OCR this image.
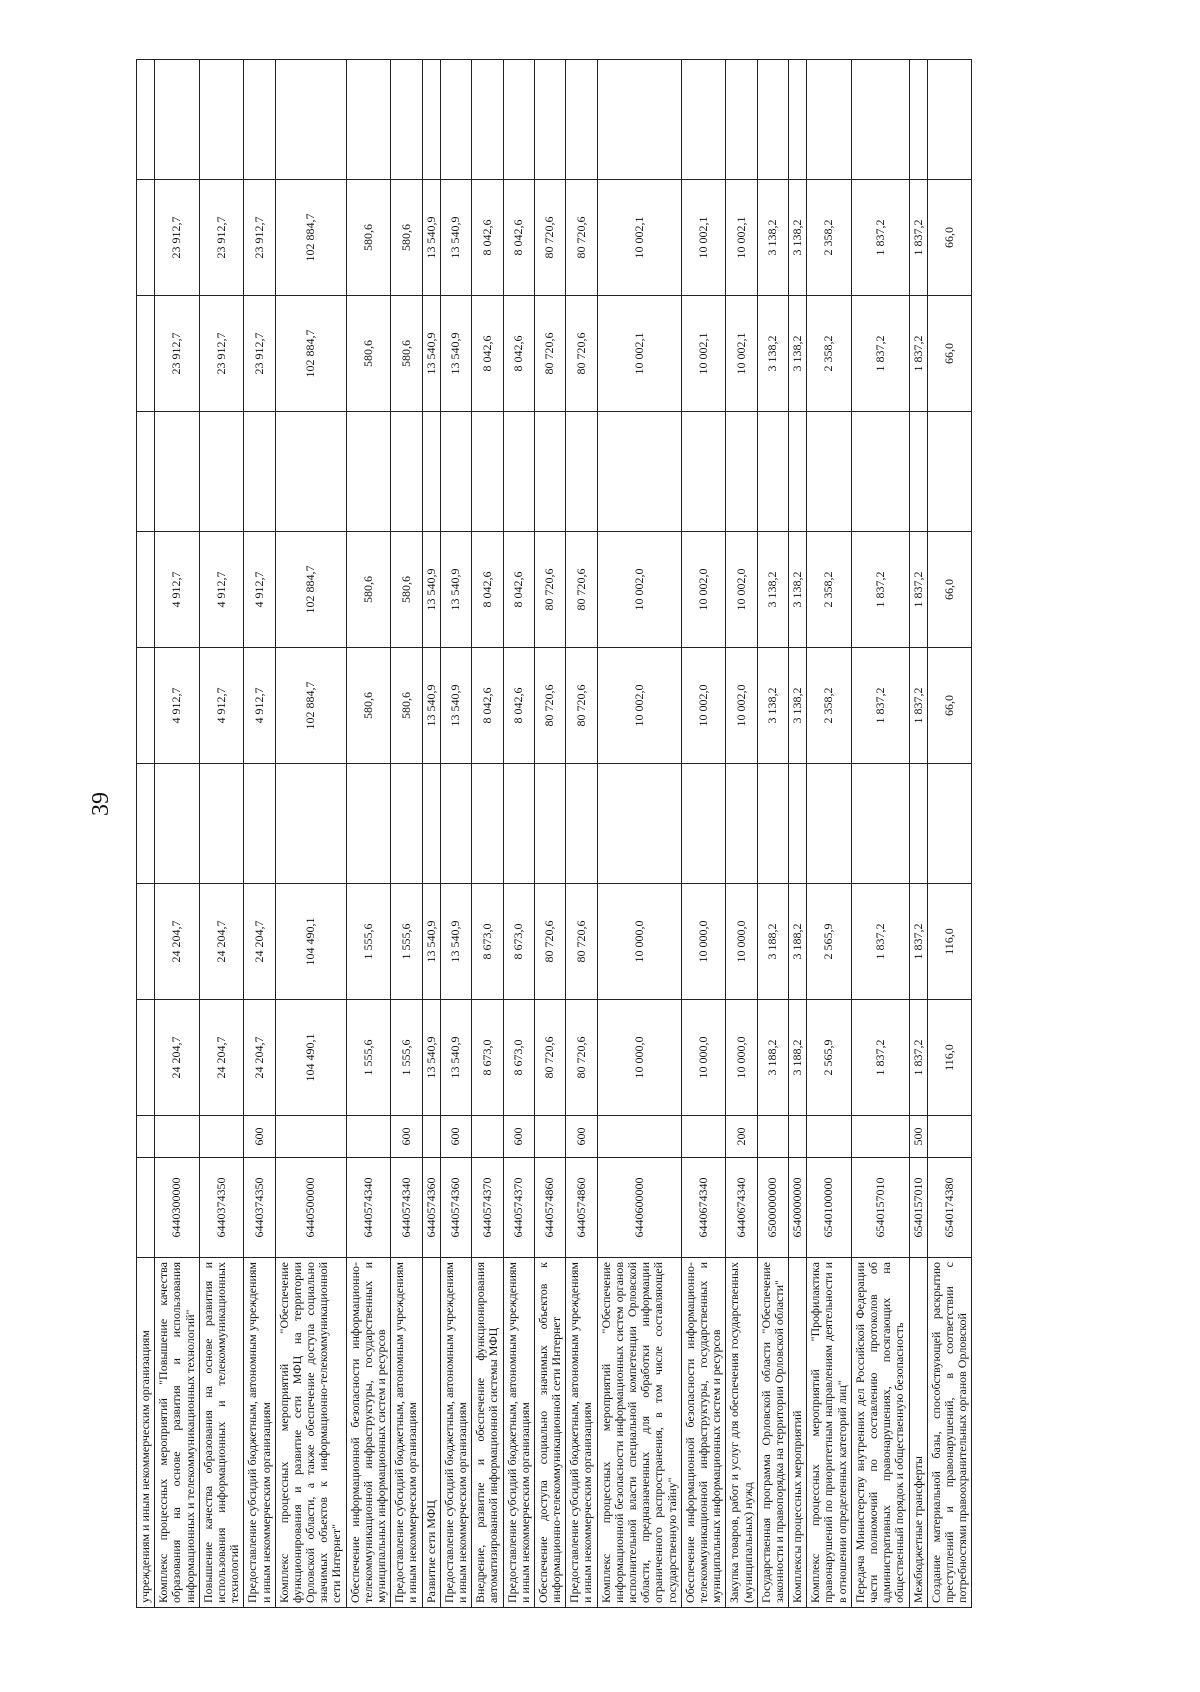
39
учреждениям и иным некоммерческим организациям											
Комплекс процессных мероприятий "Повышение качества образования на основе развития и использования информационных и телекоммуникационных технологий"	6440300000		24 204,7	24 204,7		4 912,7	4 912,7		23 912,7	23 912,7	
Повышение качества образования на основе развития и использования информационных и телекоммуникационных технологий	6440374350		24 204,7	24 204,7		4 912,7	4 912,7		23 912,7	23 912,7	
Предоставление субсидий бюджетным, автономным учреждениям и иным некоммерческим организациям	6440374350	600	24 204,7	24 204,7		4 912,7	4 912,7		23 912,7	23 912,7	
Комплекс процессных мероприятий "Обеспечение функционирования и развитие сети МФЦ на территории Орловской области, а также обеспечение доступа социально значимых объектов к информационно-телекоммуникационной сети Интернет"	6440500000		104 490,1	104 490,1		102 884,7	102 884,7		102 884,7	102 884,7	
Обеспечение информационной безопасности информационно-телекоммуникационной инфраструктуры, государственных и муниципальных информационных систем и ресурсов	6440574340		1 555,6	1 555,6		580,6	580,6		580,6	580,6	
Предоставление субсидий бюджетным, автономным учреждениям и иным некоммерческим организациям	6440574340	600	1 555,6	1 555,6		580,6	580,6		580,6	580,6	
Развитие сети МФЦ	6440574360		13 540,9	13 540,9		13 540,9	13 540,9		13 540,9	13 540,9	
Предоставление субсидий бюджетным, автономным учреждениям и иным некоммерческим организациям	6440574360	600	13 540,9	13 540,9		13 540,9	13 540,9		13 540,9	13 540,9	
Внедрение, развитие и обеспечение функционирования автоматизированной информационной системы МФЦ	6440574370		8 673,0	8 673,0		8 042,6	8 042,6		8 042,6	8 042,6	
Предоставление субсидий бюджетным, автономным учреждениям и иным некоммерческим организациям	6440574370	600	8 673,0	8 673,0		8 042,6	8 042,6		8 042,6	8 042,6	
Обеспечение доступа социально значимых объектов к информационно-телекоммуникационной сети Интернет	6440574860		80 720,6	80 720,6		80 720,6	80 720,6		80 720,6	80 720,6	
Предоставление субсидий бюджетным, автономным учреждениям и иным некоммерческим организациям	6440574860	600	80 720,6	80 720,6		80 720,6	80 720,6		80 720,6	80 720,6	
Комплекс процессных мероприятий "Обеспечение информационной безопасности информационных систем органов исполнительной власти специальной компетенции Орловской области, предназначенных для обработки информации ограниченного распространения, в том числе составляющей государственную тайну"	6440600000		10 000,0	10 000,0		10 002,0	10 002,0		10 002,1	10 002,1	
Обеспечение информационной безопасности информационно-телекоммуникационной инфраструктуры, государственных и муниципальных информационных систем и ресурсов	6440674340		10 000,0	10 000,0		10 002,0	10 002,0		10 002,1	10 002,1	
Закупка товаров, работ и услуг для обеспечения государственных (муниципальных) нужд	6440674340	200	10 000,0	10 000,0		10 002,0	10 002,0		10 002,1	10 002,1	
Государственная программа Орловской области "Обеспечение законности и правопорядка на территории Орловской области"	6500000000		3 188,2	3 188,2		3 138,2	3 138,2		3 138,2	3 138,2	
Комплексы процессных мероприятий	6540000000		3 188,2	3 188,2		3 138,2	3 138,2		3 138,2	3 138,2	
Комплекс процессных мероприятий "Профилактика правонарушений по приоритетным направлениям деятельности и в отношении определенных категорий лиц"	6540100000		2 565,9	2 565,9		2 358,2	2 358,2		2 358,2	2 358,2	
Передача Министерству внутренних дел Российской Федерации части полномочий по составлению протоколов об административных правонарушениях, посягающих на общественный порядок и общественную безопасность	6540157010		1 837,2	1 837,2		1 837,2	1 837,2		1 837,2	1 837,2	
Межбюджетные трансферты	6540157010	500	1 837,2	1 837,2		1 837,2	1 837,2		1 837,2	1 837,2	
Создание материальной базы, способствующей раскрытию преступлений и правонарушений, в соответствии с потребностями правоохранительных органов Орловской	6540174380		116,0	116,0		66,0	66,0		66,0	66,0	
